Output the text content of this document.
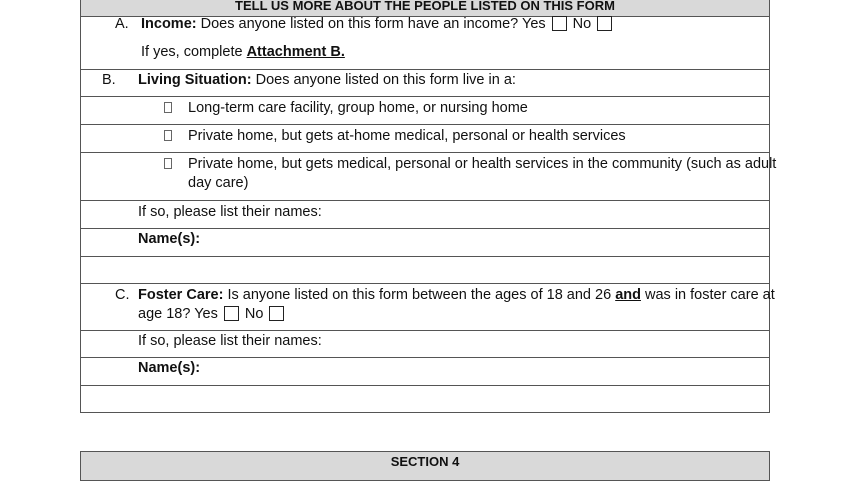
TELL US MORE ABOUT THE PEOPLE LISTED ON THIS FORM
A. Income: Does anyone listed on this form have an income? Yes No
If yes, complete Attachment B.
B. Living Situation: Does anyone listed on this form live in a:
Long-term care facility, group home, or nursing home
Private home, but gets at-home medical, personal or health services
Private home, but gets medical, personal or health services in the community (such as adult
day care)
If so, please list their names:
Name(s):
C. Foster Care: Is anyone listed on this form between the ages of 18 and 26 and was in foster care at
age 18? Yes No
If so, please list their names:
Name(s):
SECTION 4
